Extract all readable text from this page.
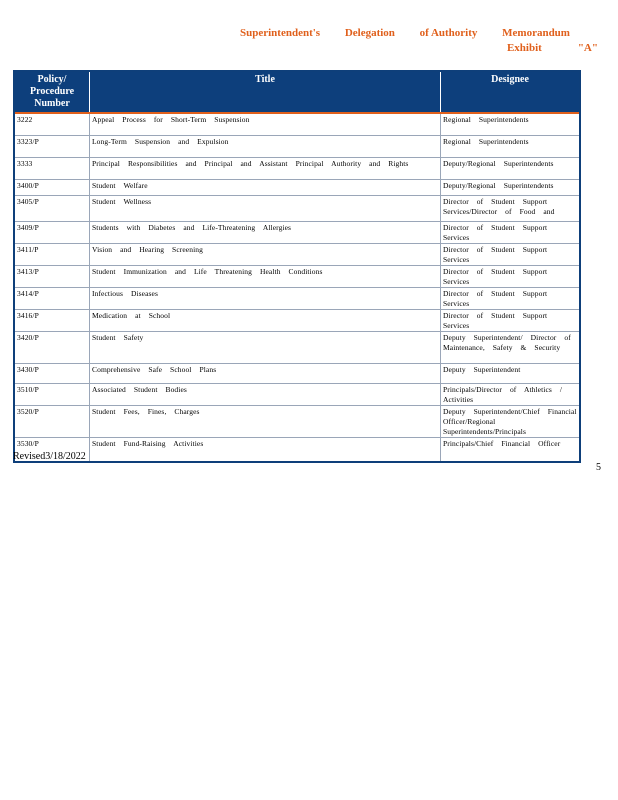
Superintendent's Delegation of Authority Memorandum
Exhibit	"A"
Policy/
Procedure
Number	Title	Designee
3222	Appeal Process for Short-Term Suspension	Regional Superintendents
3323/P	Long-Term Suspension and Expulsion	Regional Superintendents
3333	Principal Responsibilities and Principal and Assistant Principal Authority and Rights	Deputy/Regional Superintendents
3400/P	Student Welfare	Deputy/Regional Superintendents
3405/P	Student Wellness	Director of Student Support Services/Director of Food and
3409/P	Students with Diabetes and Life-Threatening Allergies	Director of Student Support Services
3411/P	Vision and Hearing Screening	Director of Student Support Services
3413/P	Student Immunization and Life Threatening Health Conditions	Director of Student Support Services
3414/P	Infectious Diseases	Director of Student Support Services
3416/P	Medication at School	Director of Student Support Services
3420/P	Student Safety	Deputy Superintendent/ Director of Maintenance, Safety & Security
3430/P	Comprehensive Safe School Plans	Deputy Superintendent
3510/P	Associated Student Bodies	Principals/Director of Athletics / Activities
3520/P	Student Fees, Fines, Charges	Deputy Superintendent/Chief Financial Officer/Regional Superintendents/Principals
3530/P	Student Fund-Raising Activities	Principals/Chief Financial Officer
Revised3/18/2022
5
